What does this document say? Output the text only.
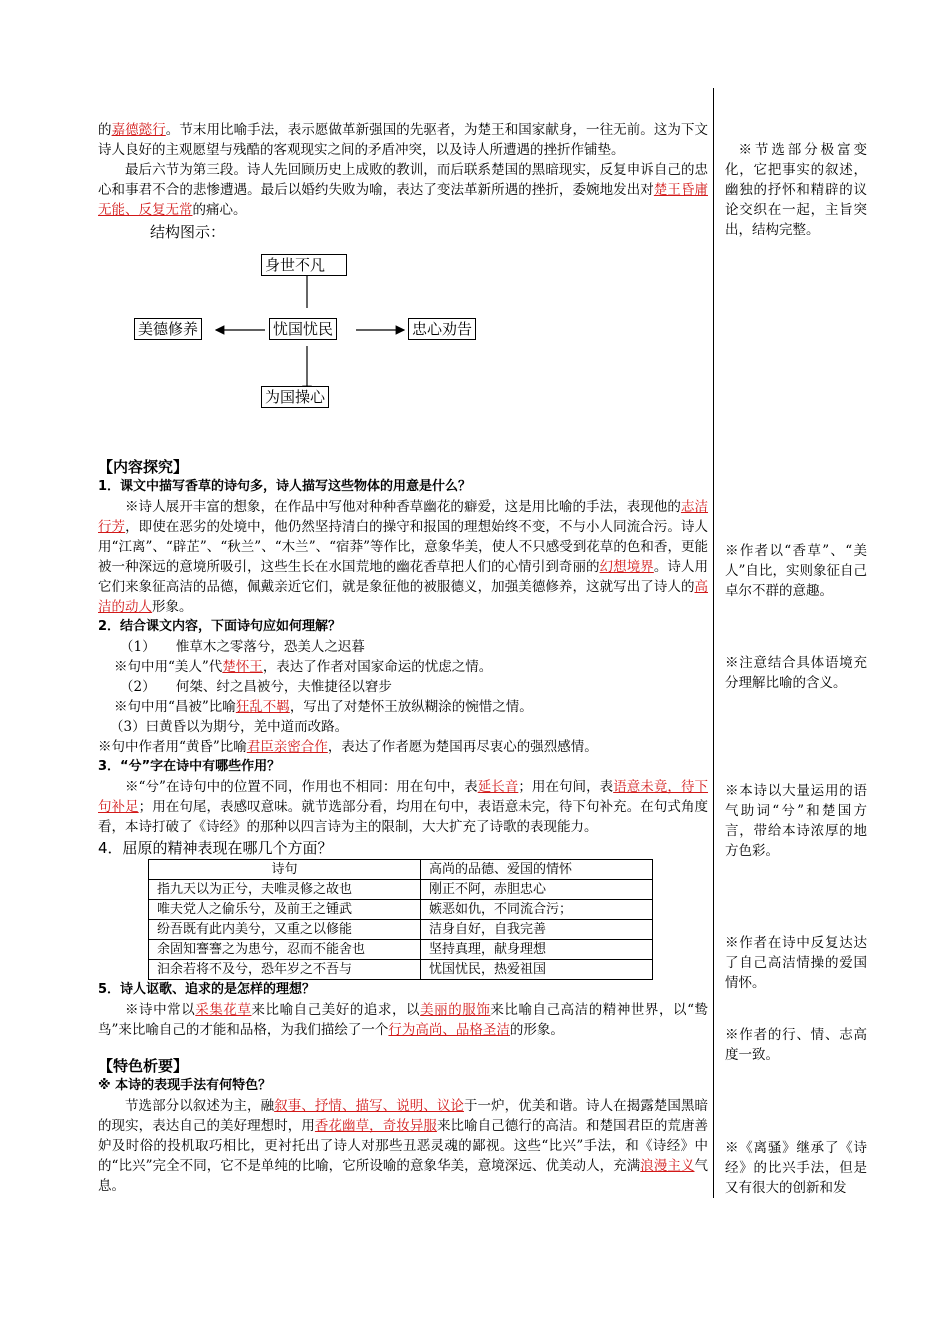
的嘉德懿行。节末用比喻手法，表示愿做革新强国的先驱者，为楚王和国家献身，一往无前。这为下文诗人良好的主观愿望与残酷的客观现实之间的矛盾冲突，以及诗人所遭遇的挫折作铺垫。

最后六节为第三段。诗人先回顾历史上成败的教训，而后联系楚国的黑暗现实，反复申诉自己的忠心和事君不合的悲惨遭遇。最后以婚约失败为喻，表达了变法革新所遇的挫折，委婉地发出对楚王昏庸无能、反复无常的痛心。

结构图示：

身世不凡
忧国忧民
美德修养	忠心劝告
为国操心

【内容探究】

1．课文中描写香草的诗句多，诗人描写这些物体的用意是什么？

※诗人展开丰富的想象，在作品中写他对种种香草幽花的癖爱，这是用比喻的手法，表现他的志洁行芳，即使在恶劣的处境中，他仍然坚持清白的操守和报国的理想始终不变，不与小人同流合污。诗人用“江离”、“辟芷”、“秋兰”、“木兰”、“宿莽”等作比，意象华美，使人不只感受到花草的色和香，更能被一种深远的意境所吸引，这些生长在水国荒地的幽花香草把人们的心情引到奇丽的幻想境界。诗人用它们来象征高洁的品德，佩戴亲近它们，就是象征他的被服德义，加强美德修养，这就写出了诗人的高洁的动人形象。

2．结合课文内容，下面诗句应如何理解？

（1）　　惟草木之零落兮，恐美人之迟暮

※句中用“美人”代楚怀王，表达了作者对国家命运的忧虑之情。

（2）　　何桀、纣之昌被兮，夫惟捷径以窘步

※句中用“昌被”比喻狂乱不羁，写出了对楚怀王放纵糊涂的惋惜之情。

（3）曰黄昏以为期兮，羌中道而改路。

※句中作者用“黄昏”比喻君臣亲密合作，表达了作者愿为楚国再尽衷心的强烈感情。

3．“兮”字在诗中有哪些作用？

※“兮”在诗句中的位置不同，作用也不相同：用在句中，表延长音；用在句间，表语意未竟，待下句补足；用在句尾，表感叹意味。就节选部分看，均用在句中，表语意未完，待下句补充。在句式角度看，本诗打破了《诗经》的那种以四言诗为主的限制，大大扩充了诗歌的表现能力。

4．屈原的精神表现在哪几个方面？

诗句	高尚的品德、爱国的情怀
指九天以为正兮，夫唯灵修之故也	刚正不阿，赤胆忠心
唯夫党人之偷乐兮，及前王之锺武	嫉恶如仇，不同流合污；
纷吾既有此内美兮，又重之以修能	洁身自好，自我完善
余固知謇謇之为患兮，忍而不能舍也	坚持真理，献身理想
汩余若将不及兮，恐年岁之不吾与	忧国忧民，热爱祖国

5．诗人讴歌、追求的是怎样的理想？

※诗中常以采集花草来比喻自己美好的追求，以美丽的服饰来比喻自己高洁的精神世界，以“鸷鸟”来比喻自己的才能和品格，为我们描绘了一个行为高尚、品格圣洁的形象。

【特色析要】

※ 本诗的表现手法有何特色？

节选部分以叙述为主，融叙事、抒情、描写、说明、议论于一炉，优美和谐。诗人在揭露楚国黑暗的现实，表达自己的美好理想时，用香花幽草，奇妆异服来比喻自己德行的高洁。和楚国君臣的荒唐善妒及时俗的投机取巧相比，更衬托出了诗人对那些丑恶灵魂的鄙视。这些“比兴”手法，和《诗经》中的“比兴”完全不同，它不是单纯的比喻，它所设喻的意象华美，意境深远、优美动人，充满浪漫主义气息。

※节选部分极富变化，它把事实的叙述，幽独的抒怀和精辟的议论交织在一起，主旨突出，结构完整。
※作者以“香草”、“美人”自比，实则象征自己卓尔不群的意趣。
※注意结合具体语境充分理解比喻的含义。
※本诗以大量运用的语气助词“兮”和楚国方言，带给本诗浓厚的地方色彩。
※作者在诗中反复达达了自己高洁情操的爱国情怀。
※作者的行、情、志高度一致。
※《离骚》继承了《诗经》的比兴手法，但是又有很大的创新和发
